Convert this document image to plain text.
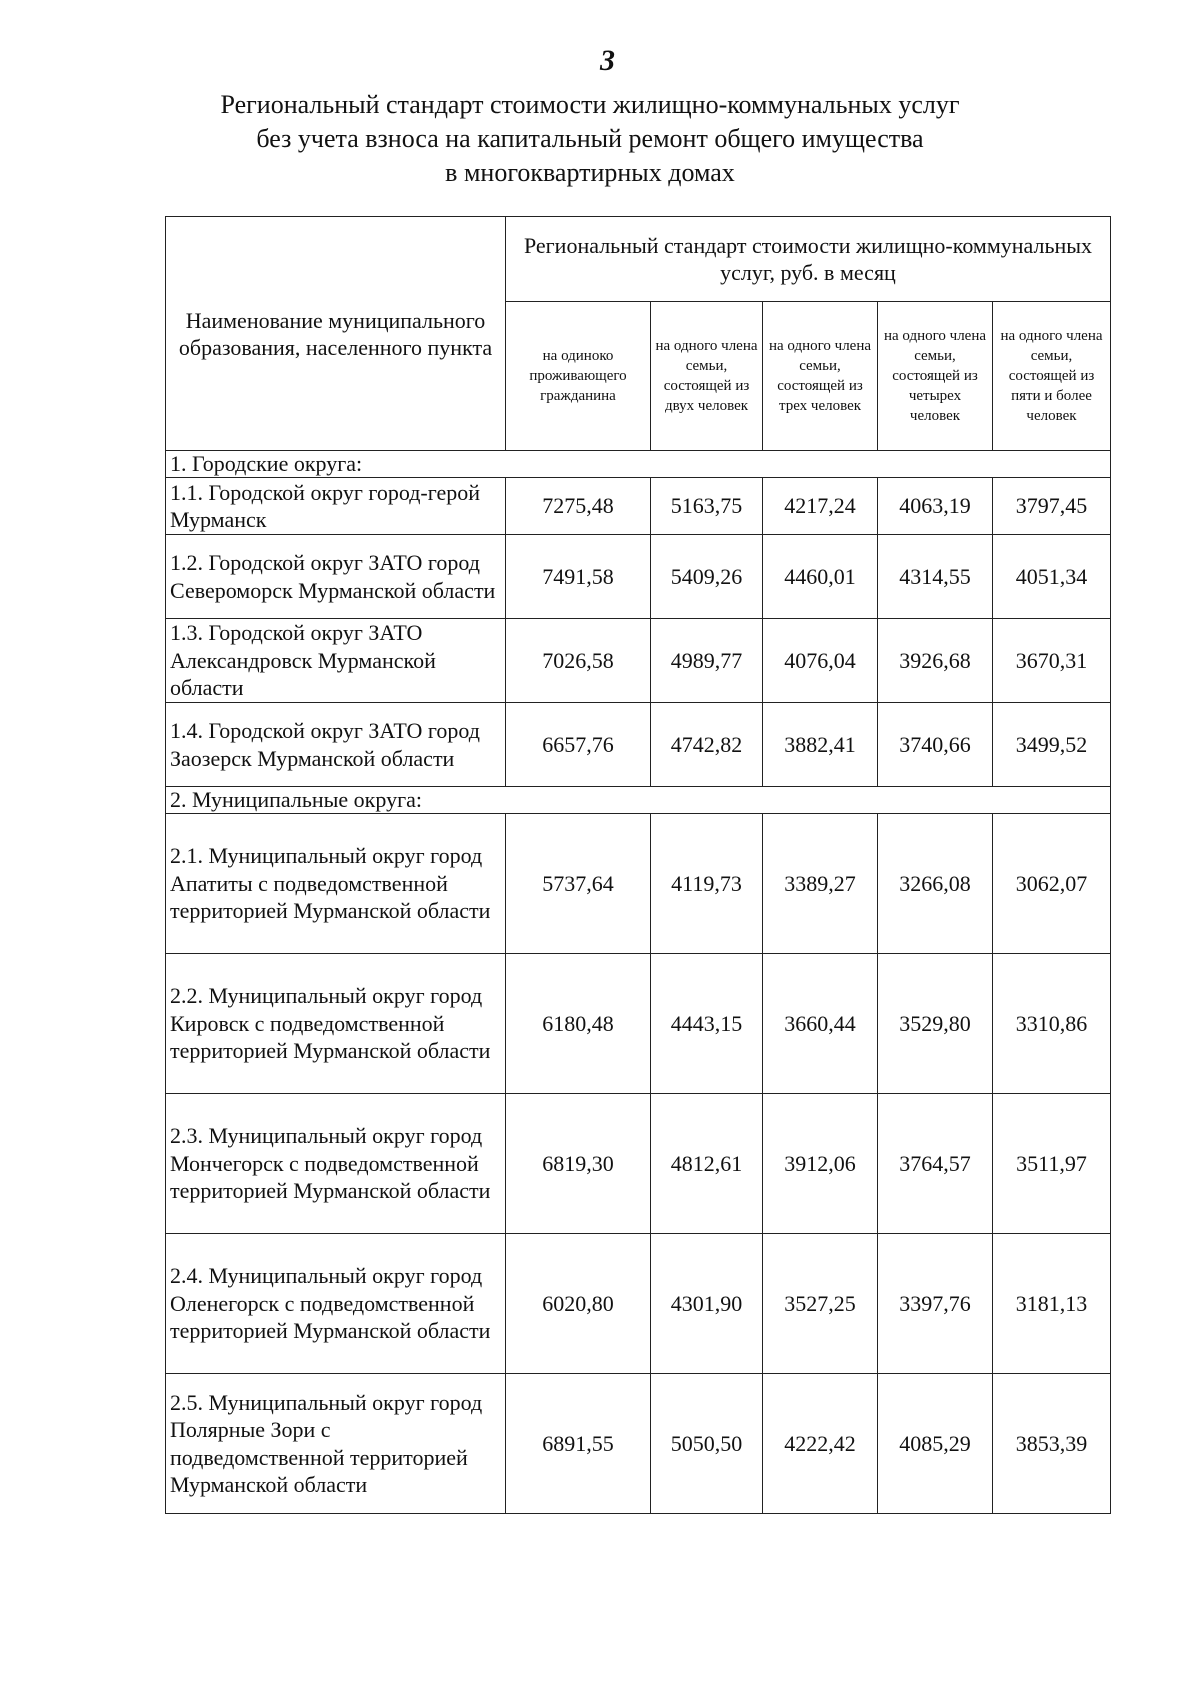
3
Региональный стандарт стоимости жилищно-коммунальных услуг
без учета взноса на капитальный ремонт общего имущества
в многоквартирных домах
Наименование муниципального образования, населенного пункта	Региональный стандарт стоимости жилищно-коммунальных услуг, руб. в месяц				
	на одиноко проживающего гражданина	на одного члена семьи, состоящей из двух человек	на одного члена семьи, состоящей из трех человек	на одного члена семьи, состоящей из четырех человек	на одного члена семьи, состоящей из пяти и более человек
1. Городские округа:					
1.1. Городской округ город-герой Мурманск	7275,48	5163,75	4217,24	4063,19	3797,45
1.2. Городской округ ЗАТО город Североморск Мурманской области	7491,58	5409,26	4460,01	4314,55	4051,34
1.3. Городской округ ЗАТО Александровск Мурманской области	7026,58	4989,77	4076,04	3926,68	3670,31
1.4. Городской округ ЗАТО город Заозерск Мурманской области	6657,76	4742,82	3882,41	3740,66	3499,52
2. Муниципальные округа:					
2.1. Муниципальный округ город Апатиты с подведомственной территорией Мурманской области	5737,64	4119,73	3389,27	3266,08	3062,07
2.2. Муниципальный округ город Кировск с подведомственной территорией Мурманской области	6180,48	4443,15	3660,44	3529,80	3310,86
2.3. Муниципальный округ город Мончегорск с подведомственной территорией Мурманской области	6819,30	4812,61	3912,06	3764,57	3511,97
2.4. Муниципальный округ город Оленегорск с подведомственной территорией Мурманской области	6020,80	4301,90	3527,25	3397,76	3181,13
2.5. Муниципальный округ город Полярные Зори с подведомственной территорией Мурманской области	6891,55	5050,50	4222,42	4085,29	3853,39
